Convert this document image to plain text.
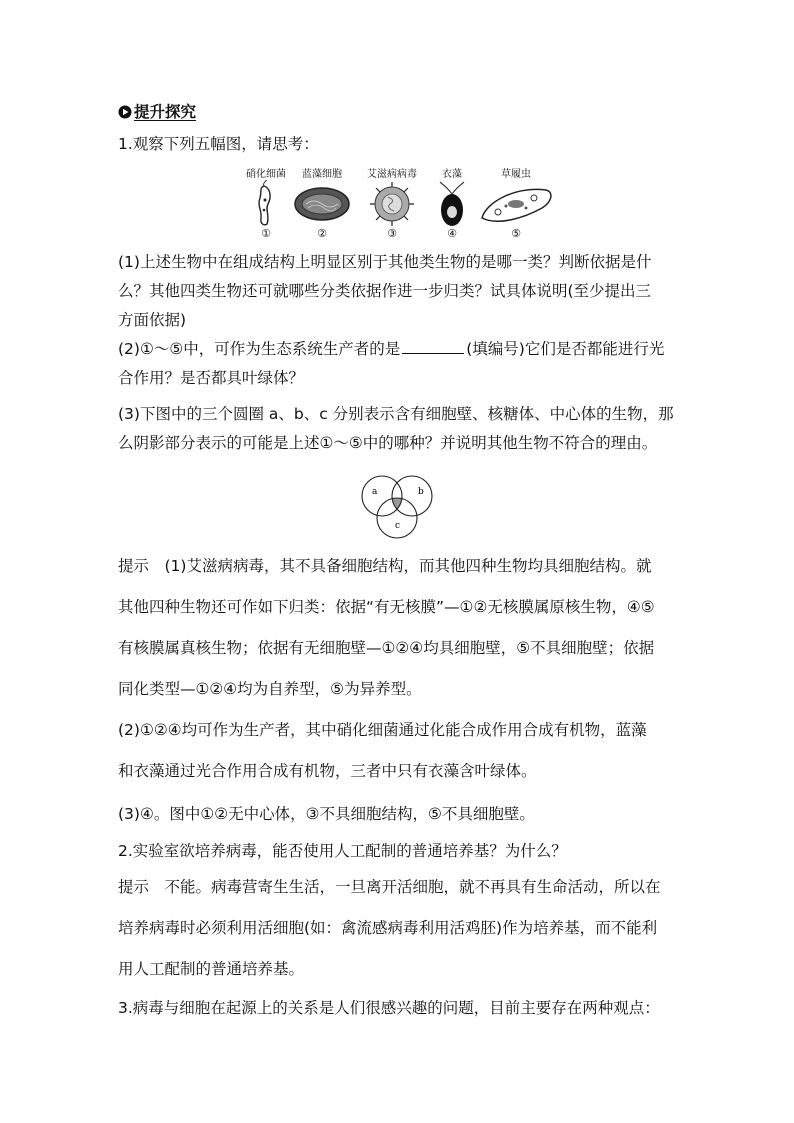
提升探究
1.观察下列五幅图，请思考：
硝化细菌
①
蓝藻细胞
②
艾滋病病毒
③
衣藻
④
草履虫
⑤
(1)上述生物中在组成结构上明显区别于其他类生物的是哪一类？判断依据是什
么？其他四类生物还可就哪些分类依据作进一步归类？试具体说明(至少提出三
方面依据)
(2)①～⑤中，可作为生态系统生产者的是	(填编号)它们是否都能进行光
合作用？是否都具叶绿体？
(3)下图中的三个圆圈 a、b、c 分别表示含有细胞壁、核糖体、中心体的生物，那
么阴影部分表示的可能是上述①～⑤中的哪种？并说明其他生物不符合的理由。
a	b
c
提示　(1)艾滋病病毒，其不具备细胞结构，而其他四种生物均具细胞结构。就
其他四种生物还可作如下归类：依据“有无核膜”—①②无核膜属原核生物，④⑤
有核膜属真核生物；依据有无细胞壁—①②④均具细胞壁，⑤不具细胞壁；依据
同化类型—①②④均为自养型，⑤为异养型。
(2)①②④均可作为生产者，其中硝化细菌通过化能合成作用合成有机物，蓝藻
和衣藻通过光合作用合成有机物，三者中只有衣藻含叶绿体。
(3)④。图中①②无中心体，③不具细胞结构，⑤不具细胞壁。
2.实验室欲培养病毒，能否使用人工配制的普通培养基？为什么？
提示　不能。病毒营寄生生活，一旦离开活细胞，就不再具有生命活动，所以在
培养病毒时必须利用活细胞(如：禽流感病毒利用活鸡胚)作为培养基，而不能利
用人工配制的普通培养基。
3.病毒与细胞在起源上的关系是人们很感兴趣的问题，目前主要存在两种观点：
